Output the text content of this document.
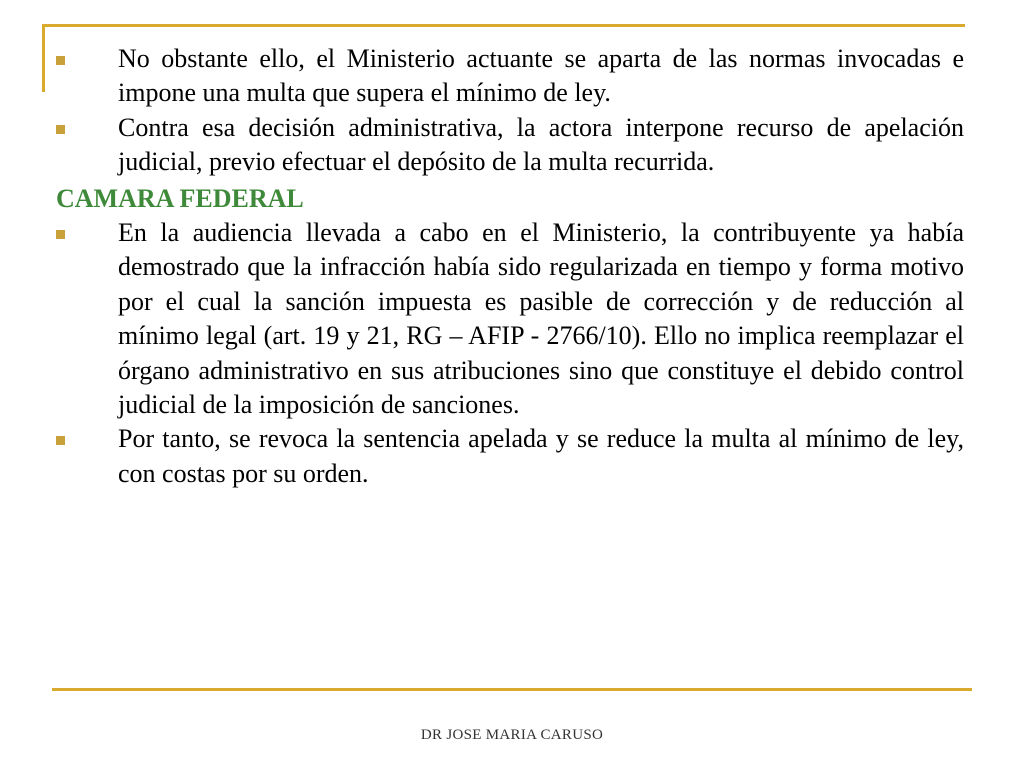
No obstante ello, el Ministerio actuante se aparta de las normas invocadas e impone una multa que supera el mínimo de ley.
Contra esa decisión administrativa, la actora interpone recurso de apelación judicial, previo efectuar el depósito de la multa recurrida.
CAMARA FEDERAL
En la audiencia llevada a cabo en el Ministerio, la contribuyente ya había demostrado que la infracción había sido regularizada en tiempo y forma motivo por el cual la sanción impuesta es pasible de corrección y de reducción al mínimo legal (art. 19 y 21, RG – AFIP - 2766/10). Ello no implica reemplazar el órgano administrativo en sus atribuciones sino que constituye el debido control judicial de la imposición de sanciones.
Por tanto, se revoca la sentencia apelada y se reduce la multa al mínimo de ley, con costas por su orden.
DR JOSE MARIA CARUSO
